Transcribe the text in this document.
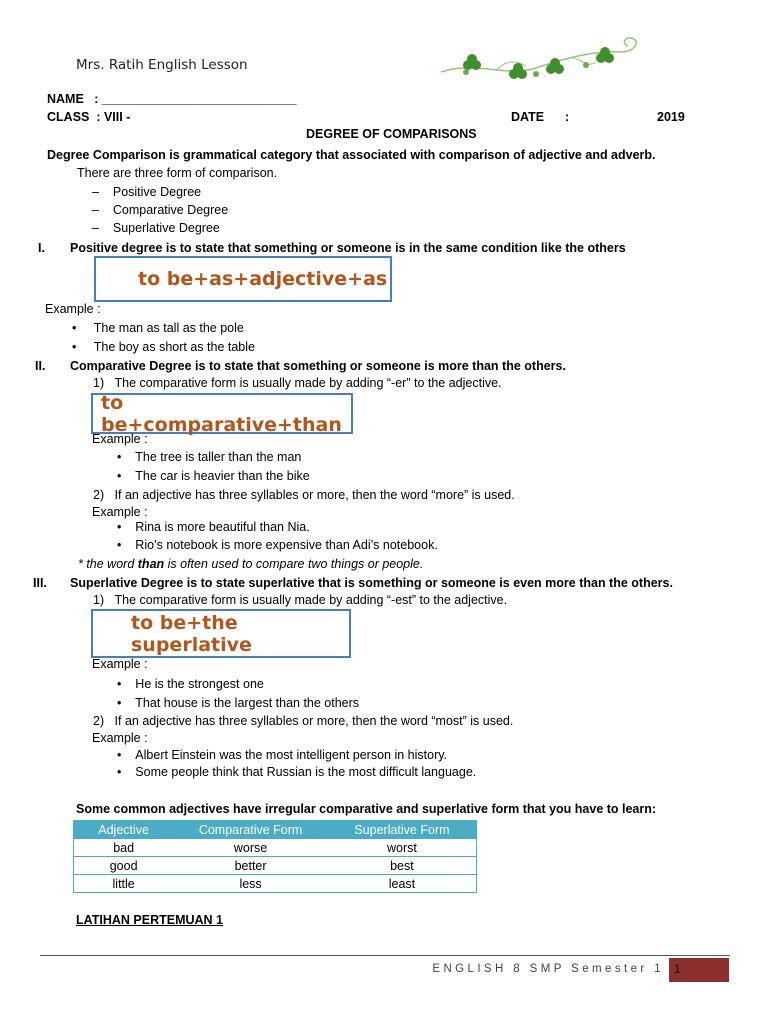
Mrs. Ratih English Lesson
NAME : ____________________________
CLASS : VIII -	DATE :	2019
DEGREE OF COMPARISONS
Degree Comparison is grammatical category that associated with comparison of adjective and adverb.
There are three form of comparison.
– Positive Degree
– Comparative Degree
– Superlative Degree
I. Positive degree is to state that something or someone is in the same condition like the others
to be+as+adjective+as
Example :
• The man as tall as the pole
• The boy as short as the table
II. Comparative Degree is to state that something or someone is more than the others.
1) The comparative form is usually made by adding “-er” to the adjective.
to be+comparative+than
Example :
• The tree is taller than the man
• The car is heavier than the bike
2) If an adjective has three syllables or more, then the word “more” is used.
Example :
• Rina is more beautiful than Nia.
• Rio’s notebook is more expensive than Adi’s notebook.
* the word than is often used to compare two things or people.
III. Superlative Degree is to state superlative that is something or someone is even more than the others.
1) The comparative form is usually made by adding “-est” to the adjective.
to be+the superlative
Example :
• He is the strongest one
• That house is the largest than the others
2) If an adjective has three syllables or more, then the word “most” is used.
Example :
• Albert Einstein was the most intelligent person in history.
• Some people think that Russian is the most difficult language.
Some common adjectives have irregular comparative and superlative form that you have to learn:
Adjective	Comparative Form	Superlative Form
bad	worse	worst
good	better	best
little	less	least
LATIHAN PERTEMUAN 1
ENGLISH 8 SMP Semester 1 1
